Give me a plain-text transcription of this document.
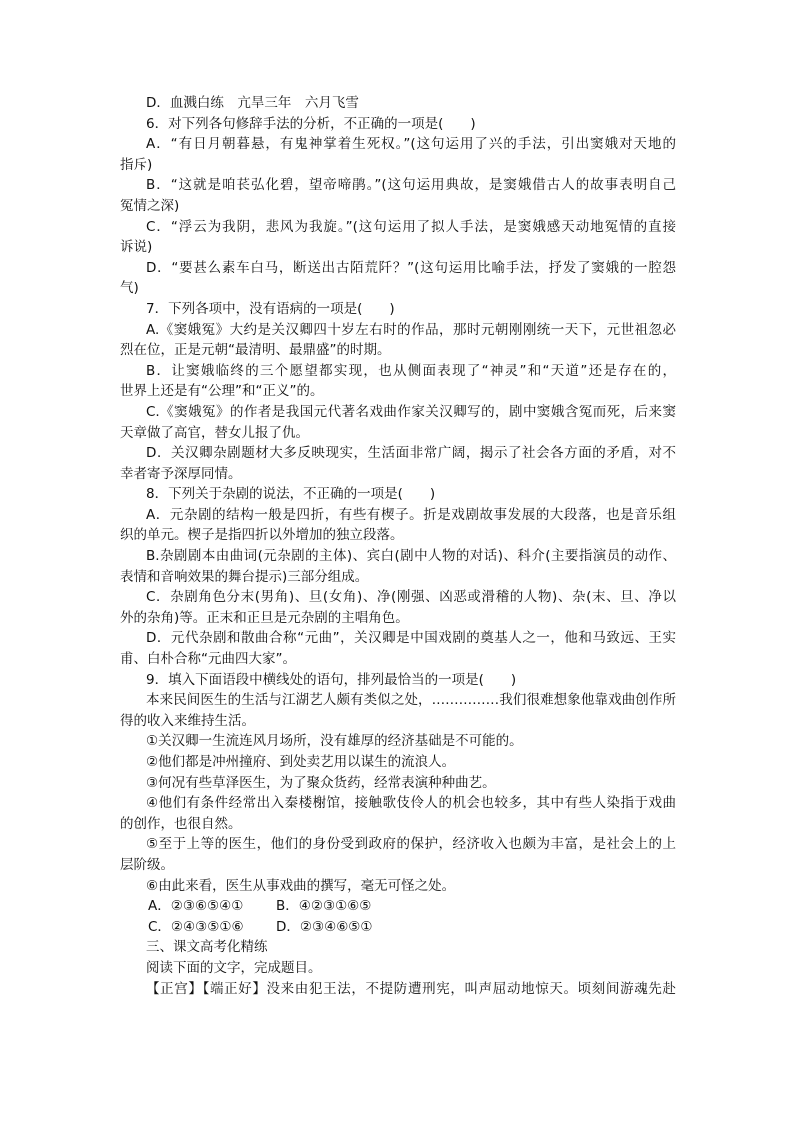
D．血溅白练　亢旱三年　六月飞雪
6．对下列各句修辞手法的分析，不正确的一项是(　　)
A．“有日月朝暮悬，有鬼神掌着生死权。”(这句运用了兴的手法，引出窦娥对天地的
指斥)
B．“这就是咱苌弘化碧，望帝啼鹃。”(这句运用典故，是窦娥借古人的故事表明自己
冤情之深)
C．“浮云为我阴，悲风为我旋。”(这句运用了拟人手法，是窦娥感天动地冤情的直接
诉说)
D．“要甚么素车白马，断送出古陌荒阡？”(这句运用比喻手法，抒发了窦娥的一腔怨
气)
7．下列各项中，没有语病的一项是(　　)
A.《窦娥冤》大约是关汉卿四十岁左右时的作品，那时元朝刚刚统一天下，元世祖忽必
烈在位，正是元朝“最清明、最鼎盛”的时期。
B．让窦娥临终的三个愿望都实现，也从侧面表现了“神灵”和“天道”还是存在的，
世界上还是有“公理”和“正义”的。
C.《窦娥冤》的作者是我国元代著名戏曲作家关汉卿写的，剧中窦娥含冤而死，后来窦
天章做了高官，替女儿报了仇。
D．关汉卿杂剧题材大多反映现实，生活面非常广阔，揭示了社会各方面的矛盾，对不
幸者寄予深厚同情。
8．下列关于杂剧的说法，不正确的一项是(　　)
A．元杂剧的结构一般是四折，有些有楔子。折是戏剧故事发展的大段落，也是音乐组
织的单元。楔子是指四折以外增加的独立段落。
B.杂剧剧本由曲词(元杂剧的主体)、宾白(剧中人物的对话)、科介(主要指演员的动作、
表情和音响效果的舞台提示)三部分组成。
C．杂剧角色分末(男角)、旦(女角)、净(刚强、凶恶或滑稽的人物)、杂(末、旦、净以
外的杂角)等。正末和正旦是元杂剧的主唱角色。
D．元代杂剧和散曲合称“元曲”，关汉卿是中国戏剧的奠基人之一，他和马致远、王实
甫、白朴合称“元曲四大家”。
9．填入下面语段中横线处的语句，排列最恰当的一项是(　　)
本来民间医生的生活与江湖艺人颇有类似之处，……………我们很难想象他靠戏曲创作所
得的收入来维持生活。
①关汉卿一生流连风月场所，没有雄厚的经济基础是不可能的。
②他们都是冲州撞府、到处卖艺用以谋生的流浪人。
③何况有些草泽医生，为了聚众货药，经常表演种种曲艺。
④他们有条件经常出入秦楼榭馆，接触歌伎伶人的机会也较多，其中有些人染指于戏曲
的创作，也很自然。
⑤至于上等的医生，他们的身份受到政府的保护，经济收入也颇为丰富，是社会上的上
层阶级。
⑥由此来看，医生从事戏曲的撰写，毫无可怪之处。
A．②③⑥⑤④① B．④②③①⑥⑤
C．②④③⑤①⑥ D．②③④⑥⑤①
三、课文高考化精练
阅读下面的文字，完成题目。
【正宫】【端正好】没来由犯王法，不提防遭刑宪，叫声屈动地惊天。顷刻间游魂先赴
